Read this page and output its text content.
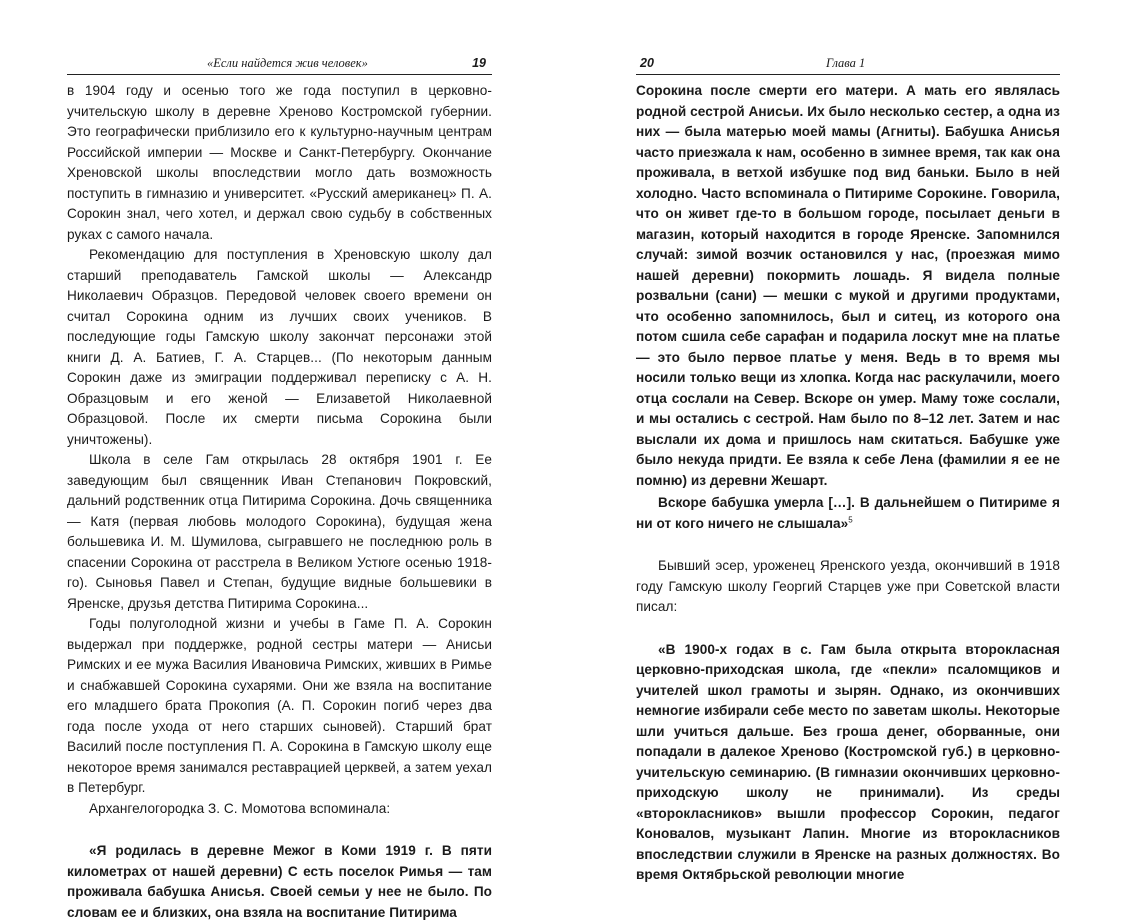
«Если найдется жив человек»	19

в 1904 году и осенью того же года поступил в церковно-учительскую школу в деревне Хреново Костромской губернии. Это географически приблизило его к культурно-научным центрам Российской империи — Москве и Санкт-Петербургу. Окончание Хреновской школы впоследствии могло дать возможность поступить в гимназию и университет. «Русский американец» П. А. Сорокин знал, чего хотел, и держал свою судьбу в собственных руках с самого начала.

Рекомендацию для поступления в Хреновскую школу дал старший преподаватель Гамской школы — Александр Николаевич Образцов. Передовой человек своего времени он считал Сорокина одним из лучших своих учеников. В последующие годы Гамскую школу закончат персонажи этой книги Д. А. Батиев, Г. А. Старцев... (По некоторым данным Сорокин даже из эмиграции поддерживал переписку с А. Н. Образцовым и его женой — Елизаветой Николаевной Образцовой. После их смерти письма Сорокина были уничтожены).

Школа в селе Гам открылась 28 октября 1901 г. Ее заведующим был священник Иван Степанович Покровский, дальний родственник отца Питирима Сорокина. Дочь священника — Катя (первая любовь молодого Сорокина), будущая жена большевика И. М. Шумилова, сыгравшего не последнюю роль в спасении Сорокина от расстрела в Великом Устюге осенью 1918-го). Сыновья Павел и Степан, будущие видные большевики в Яренске, друзья детства Питирима Сорокина...

Годы полуголодной жизни и учебы в Гаме П. А. Сорокин выдержал при поддержке, родной сестры матери — Анисьи Римских и ее мужа Василия Ивановича Римских, живших в Римье и снабжавшей Сорокина сухарями. Они же взяла на воспитание его младшего брата Прокопия (А. П. Сорокин погиб через два года после ухода от него старших сыновей). Старший брат Василий после поступления П. А. Сорокина в Гамскую школу еще некоторое время занимался реставрацией церквей, а затем уехал в Петербург.

Архангелогородка З. С. Момотова вспоминала:

«Я родилась в деревне Межог в Коми 1919 г. В пяти километрах от нашей деревни) С есть поселок Римья — там проживала бабушка Анисья. Своей семьи у нее не было. По словам ее и близких, она взяла на воспитание Питирима

20	Глава 1

Сорокина после смерти его матери. А мать его являлась родной сестрой Анисьи. Их было несколько сестер, а одна из них — была матерью моей мамы (Агниты). Бабушка Анисья часто приезжала к нам, особенно в зимнее время, так как она проживала, в ветхой избушке под вид баньки. Было в ней холодно. Часто вспоминала о Питириме Сорокине. Говорила, что он живет где-то в большом городе, посылает деньги в магазин, который находится в городе Яренске. Запомнился случай: зимой возчик остановился у нас, (проезжая мимо нашей деревни) покормить лошадь. Я видела полные розвальни (сани) — мешки с мукой и другими продуктами, что особенно запомнилось, был и ситец, из которого она потом сшила себе сарафан и подарила лоскут мне на платье — это было первое платье у меня. Ведь в то время мы носили только вещи из хлопка. Когда нас раскулачили, моего отца сослали на Север. Вскоре он умер. Маму тоже сослали, и мы остались с сестрой. Нам было по 8–12 лет. Затем и нас выслали их дома и пришлось нам скитаться. Бабушке уже было некуда придти. Ее взяла к себе Лена (фамилии я ее не помню) из деревни Жешарт.

Вскоре бабушка умерла […]. В дальнейшем о Питириме я ни от кого ничего не слышала»$^5$

Бывший эсер, уроженец Яренского уезда, окончивший в 1918 году Гамскую школу Георгий Старцев уже при Советской власти писал:

«В 1900-х годах в с. Гам была открыта второкласная церковно-приходская школа, где «пекли» псаломщиков и учителей школ грамоты и зырян. Однако, из окончивших немногие избирали себе место по заветам школы. Некоторые шли учиться дальше. Без гроша денег, оборванные, они попадали в далекое Хреново (Костромской губ.) в церковно-учительскую семинарию. (В гимназии окончивших церковно-приходскую школу не принимали). Из среды «второкласников» вышли профессор Сорокин, педагог Коновалов, музыкант Лапин. Многие из второкласников впоследствии служили в Яренске на разных должностях. Во время Октябрьской революции многие
